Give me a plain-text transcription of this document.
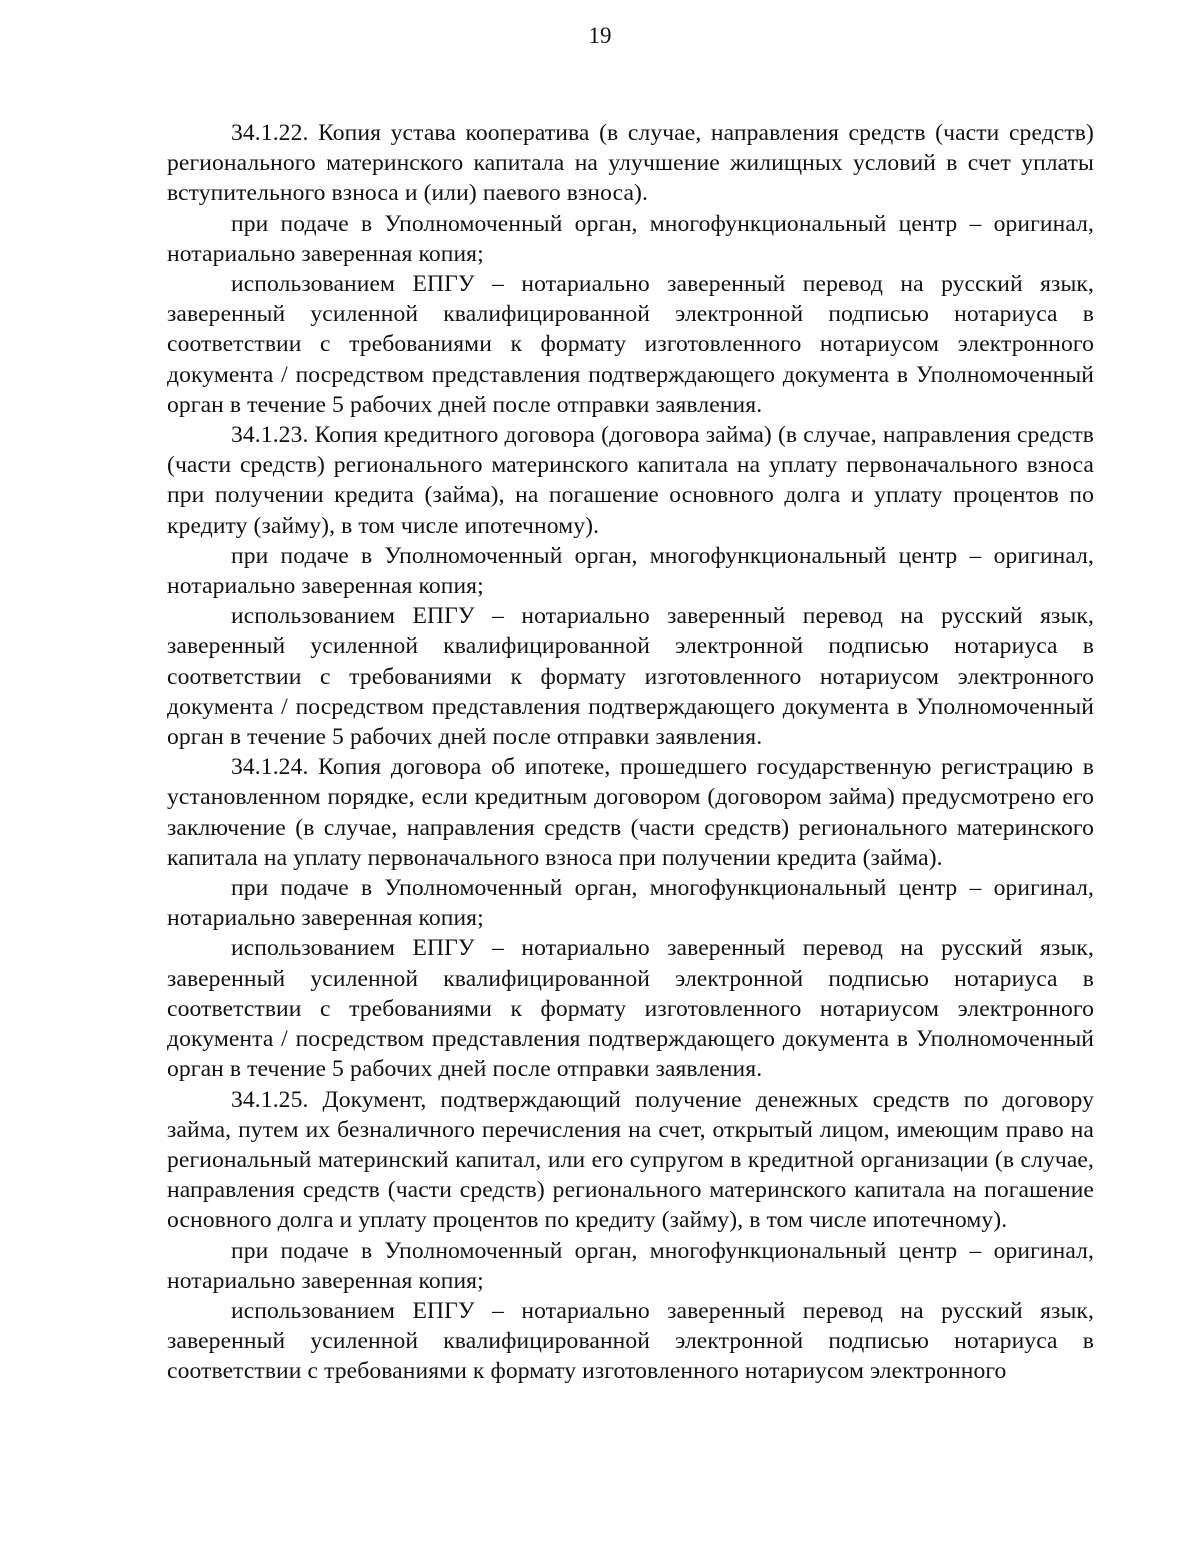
19

34.1.22. Копия устава кооператива (в случае, направления средств (части средств) регионального материнского капитала на улучшение жилищных условий в счет уплаты вступительного взноса и (или) паевого взноса).

при подаче в Уполномоченный орган, многофункциональный центр – оригинал, нотариально заверенная копия;

использованием ЕПГУ – нотариально заверенный перевод на русский язык, заверенный усиленной квалифицированной электронной подписью нотариуса в соответствии с требованиями к формату изготовленного нотариусом электронного документа / посредством представления подтверждающего документа в Уполномоченный орган в течение 5 рабочих дней после отправки заявления.

34.1.23. Копия кредитного договора (договора займа) (в случае, направления средств (части средств) регионального материнского капитала на уплату первоначального взноса при получении кредита (займа), на погашение основного долга и уплату процентов по кредиту (займу), в том числе ипотечному).

при подаче в Уполномоченный орган, многофункциональный центр – оригинал, нотариально заверенная копия;

использованием ЕПГУ – нотариально заверенный перевод на русский язык, заверенный усиленной квалифицированной электронной подписью нотариуса в соответствии с требованиями к формату изготовленного нотариусом электронного документа / посредством представления подтверждающего документа в Уполномоченный орган в течение 5 рабочих дней после отправки заявления.

34.1.24. Копия договора об ипотеке, прошедшего государственную регистрацию в установленном порядке, если кредитным договором (договором займа) предусмотрено его заключение (в случае, направления средств (части средств) регионального материнского капитала на уплату первоначального взноса при получении кредита (займа).

при подаче в Уполномоченный орган, многофункциональный центр – оригинал, нотариально заверенная копия;

использованием ЕПГУ – нотариально заверенный перевод на русский язык, заверенный усиленной квалифицированной электронной подписью нотариуса в соответствии с требованиями к формату изготовленного нотариусом электронного документа / посредством представления подтверждающего документа в Уполномоченный орган в течение 5 рабочих дней после отправки заявления.

34.1.25. Документ, подтверждающий получение денежных средств по договору займа, путем их безналичного перечисления на счет, открытый лицом, имеющим право на региональный материнский капитал, или его супругом в кредитной организации (в случае, направления средств (части средств) регионального материнского капитала на погашение основного долга и уплату процентов по кредиту (займу), в том числе ипотечному).

при подаче в Уполномоченный орган, многофункциональный центр – оригинал, нотариально заверенная копия;

использованием ЕПГУ – нотариально заверенный перевод на русский язык, заверенный усиленной квалифицированной электронной подписью нотариуса в соответствии с требованиями к формату изготовленного нотариусом электронного
